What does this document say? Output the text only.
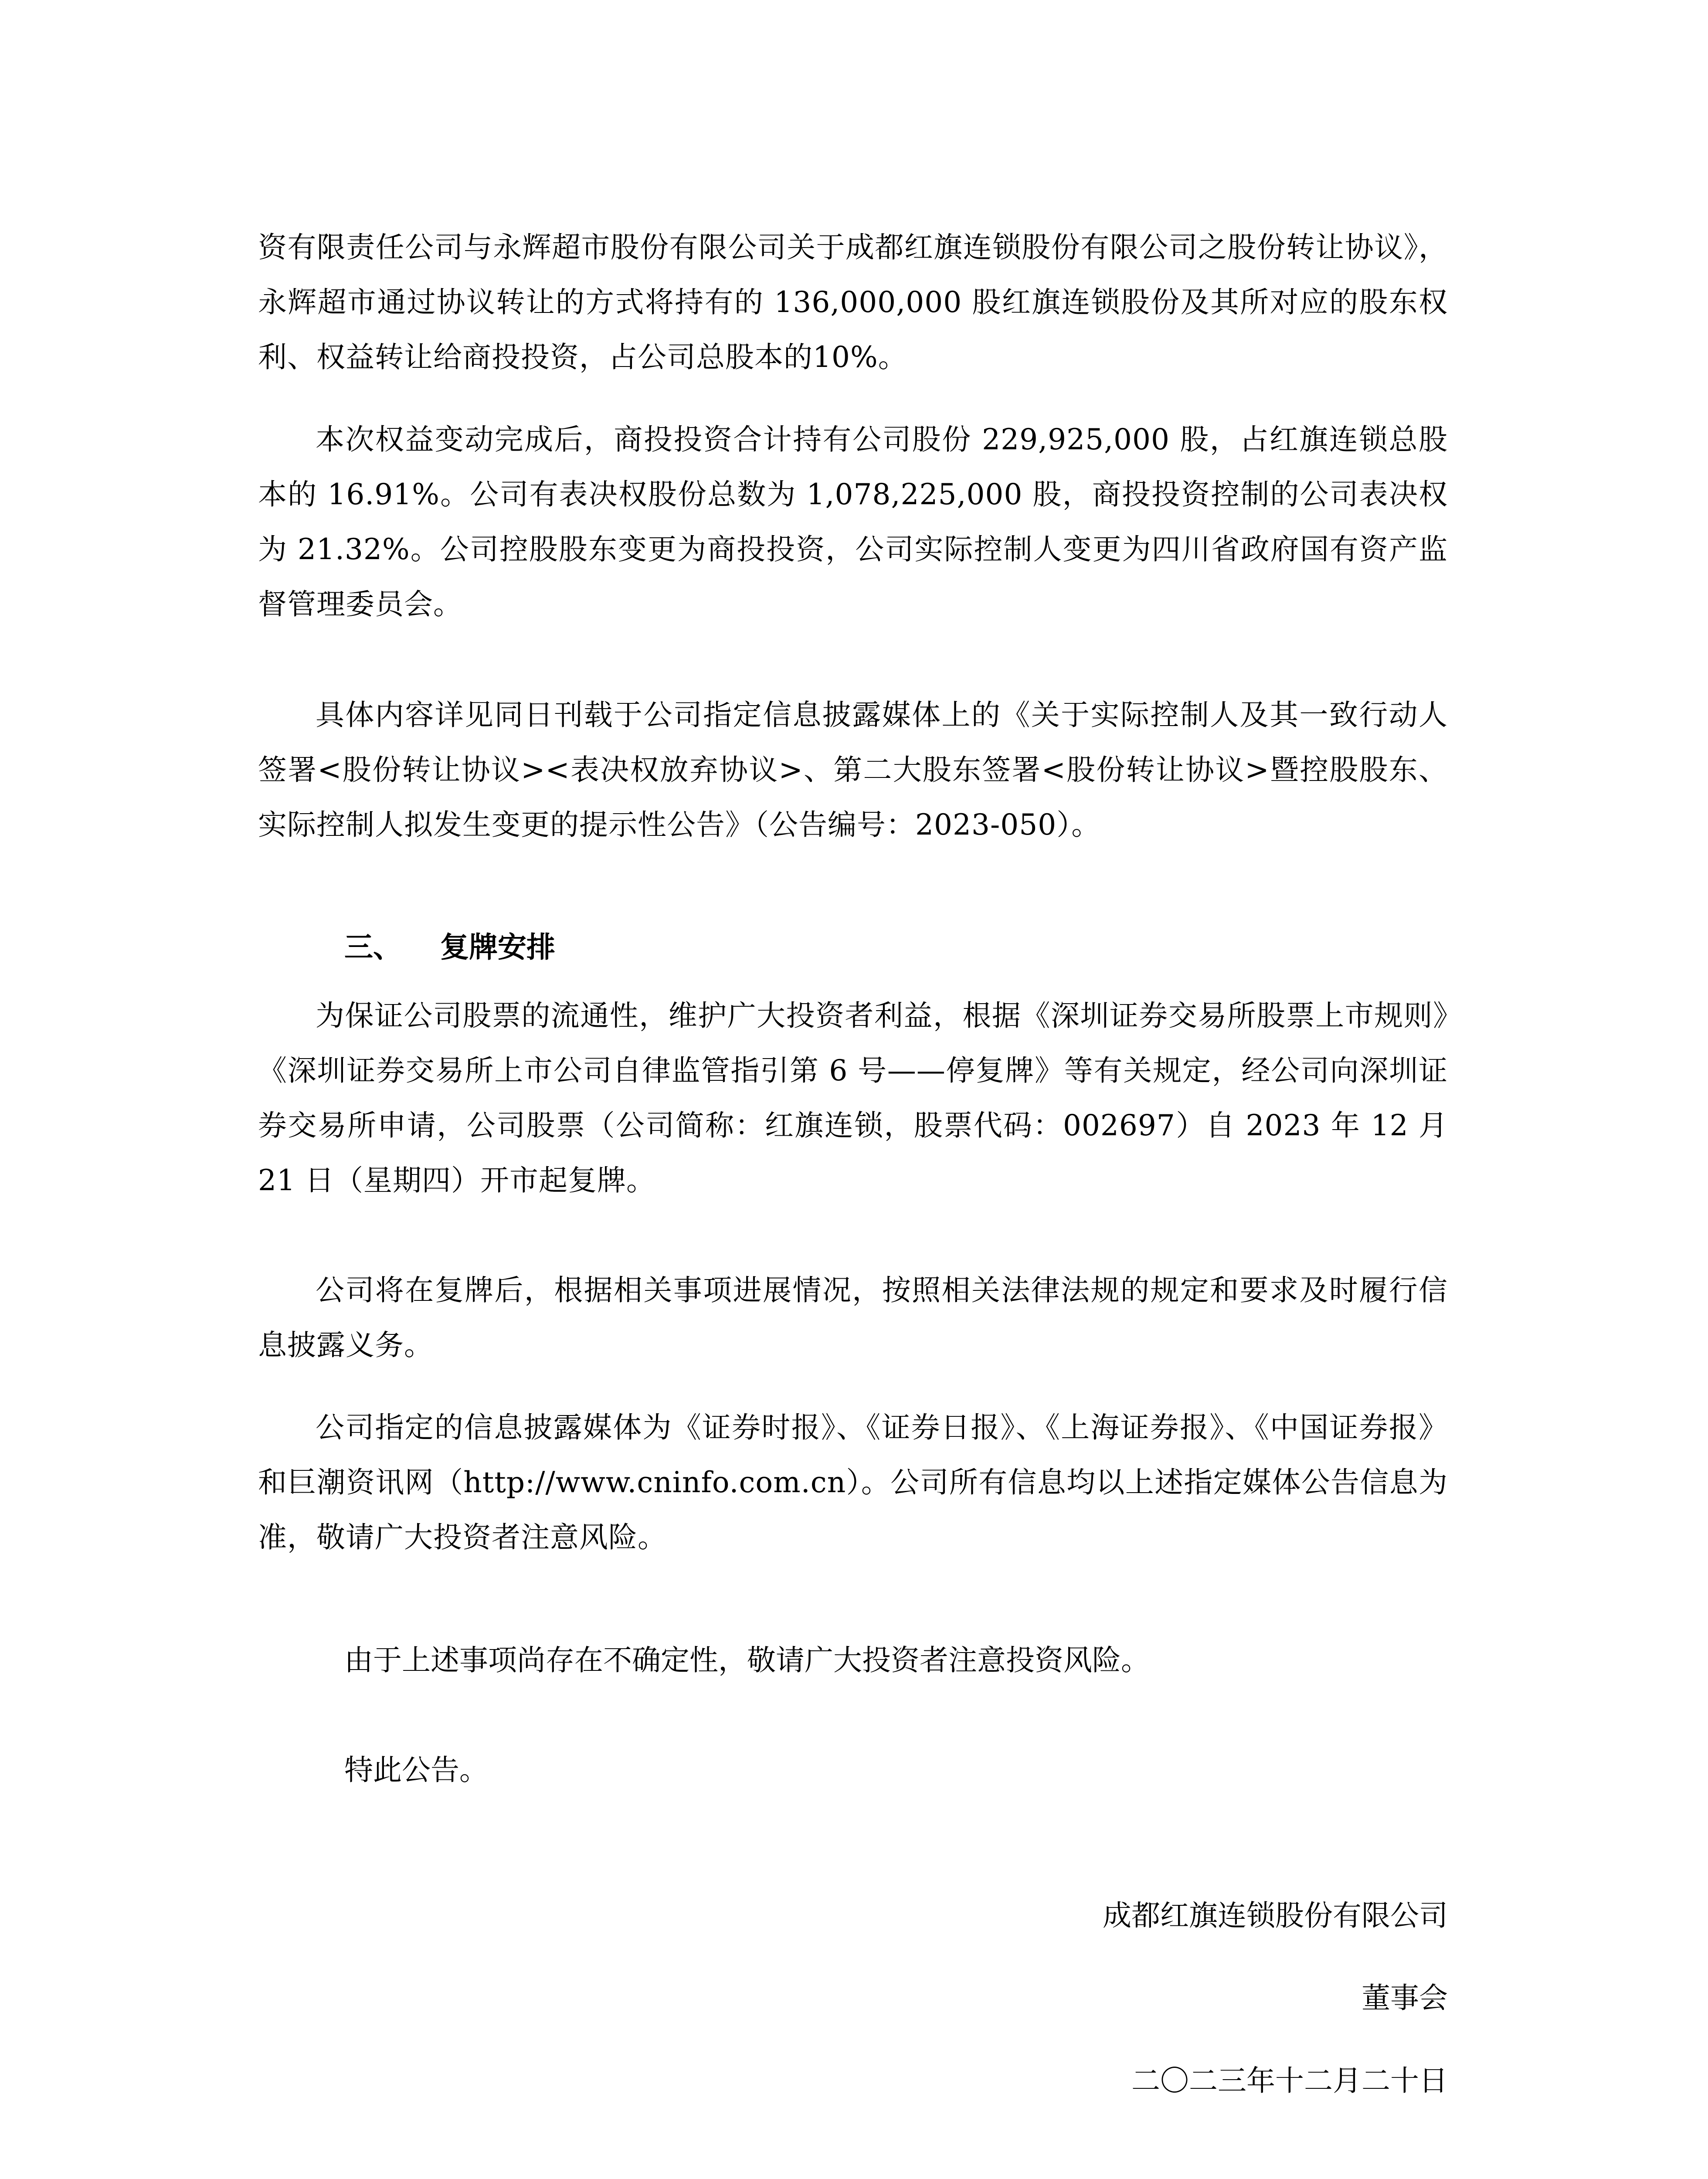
资有限责任公司与永辉超市股份有限公司关于成都红旗连锁股份有限公司之股份转让协议》，永辉超市通过协议转让的方式将持有的 136,000,000 股红旗连锁股份及其所对应的股东权利、权益转让给商投投资，占公司总股本的10%。

本次权益变动完成后，商投投资合计持有公司股份 229,925,000 股，占红旗连锁总股本的 16.91%。公司有表决权股份总数为 1,078,225,000 股，商投投资控制的公司表决权为 21.32%。公司控股股东变更为商投投资，公司实际控制人变更为四川省政府国有资产监督管理委员会。

具体内容详见同日刊载于公司指定信息披露媒体上的《关于实际控制人及其一致行动人签署<股份转让协议><表决权放弃协议>、第二大股东签署<股份转让协议>暨控股股东、实际控制人拟发生变更的提示性公告》（公告编号：2023-050）。

三、 复牌安排

为保证公司股票的流通性，维护广大投资者利益，根据《深圳证券交易所股票上市规则》《深圳证券交易所上市公司自律监管指引第 6 号——停复牌》等有关规定，经公司向深圳证券交易所申请，公司股票（公司简称：红旗连锁，股票代码：002697）自 2023 年 12 月 21 日（星期四）开市起复牌。

公司将在复牌后，根据相关事项进展情况，按照相关法律法规的规定和要求及时履行信息披露义务。

公司指定的信息披露媒体为《证券时报》、《证券日报》、《上海证券报》、《中国证券报》和巨潮资讯网（http://www.cninfo.com.cn）。公司所有信息均以上述指定媒体公告信息为准，敬请广大投资者注意风险。

由于上述事项尚存在不确定性，敬请广大投资者注意投资风险。

特此公告。

成都红旗连锁股份有限公司

董事会

二〇二三年十二月二十日
